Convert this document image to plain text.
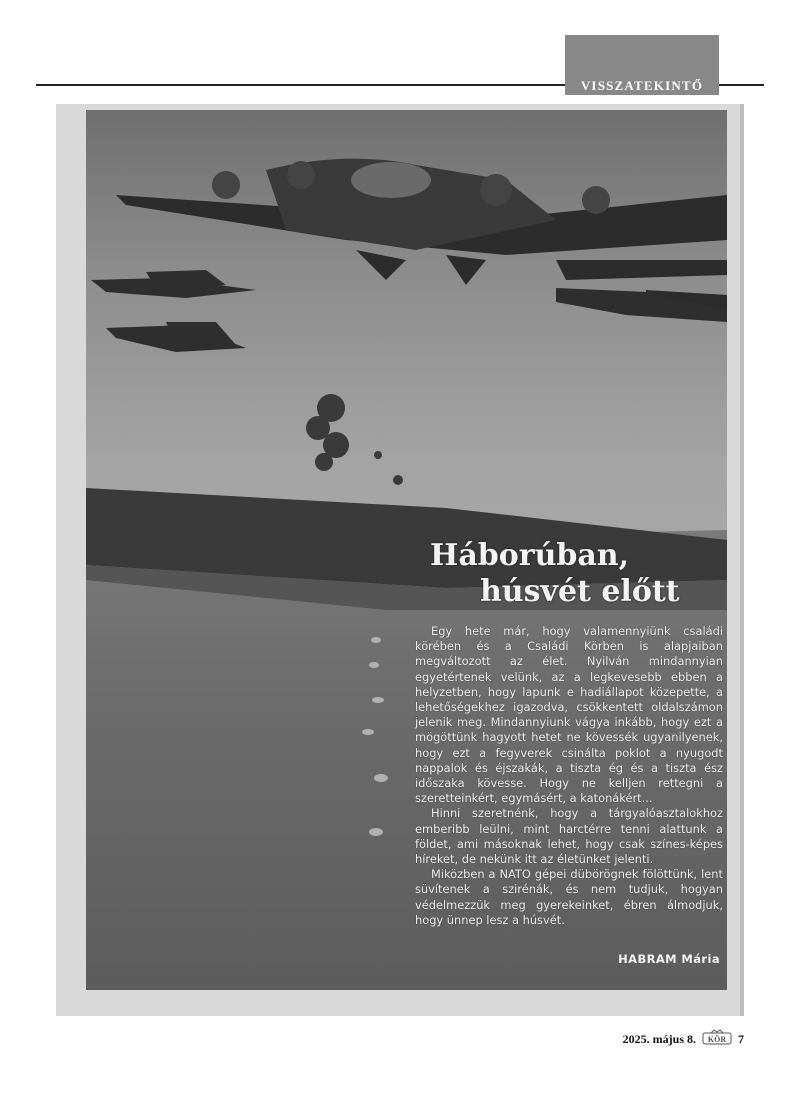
VISSZATEKINTŐ
Háborúban,
húsvét előtt

Egy hete már, hogy valamennyiünk családi körében és a Családi Körben is alapjaiban megváltozott az élet. Nyilván mindannyian egyetértenek velünk, az a legkevesebb ebben a helyzetben, hogy lapunk e hadiállapot közepette, a lehetőségekhez igazodva, csökkentett oldalszámon jelenik meg. Mindannyiunk vágya inkább, hogy ezt a mögöttünk hagyott hetet ne kövessék ugyanilyenek, hogy ezt a fegyverek csinálta poklot a nyugodt nappalok és éjszakák, a tiszta ég és a tiszta ész időszaka kövesse. Hogy ne kelljen rettegni a szeretteinkért, egymásért, a katonákért...

Hinni szeretnénk, hogy a tárgyalóasztalokhoz emberibb leülni, mint harctérre tenni alattunk a földet, ami másoknak lehet, hogy csak színes-képes híreket, de nekünk itt az életünket jelenti.

Miközben a NATO gépei dübörögnek fölöttünk, lent süvítenek a szirénák, és nem tudjuk, hogyan védelmezzük meg gyerekeinket, ébren álmodjuk, hogy ünnep lesz a húsvét.

HABRAM Mária
2025. május 8. KÖR 7
